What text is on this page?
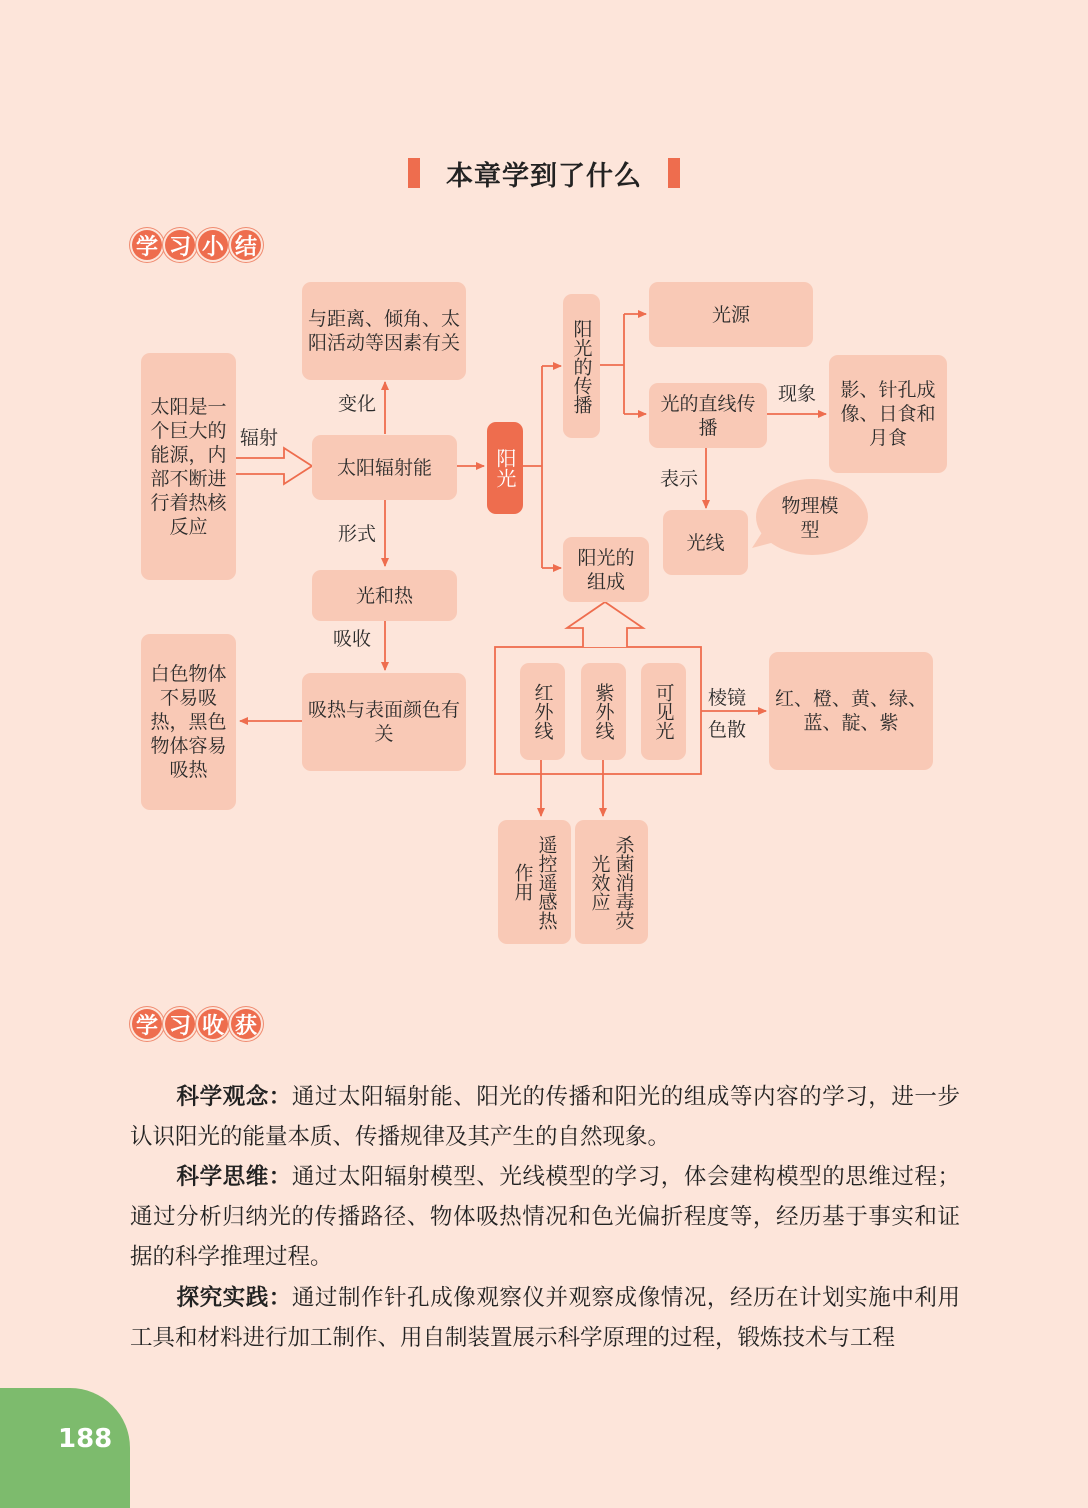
本章学到了什么
学 习 小 结
太阳是一个巨大的能源，内部不断进行着热核反应
辐射
与距离、倾角、太阳活动等因素有关
变化
太阳辐射能
形式
光和热
吸收
吸热与表面颜色有关
白色物体不易吸热，黑色物体容易吸热
阳光
阳光的传播
光源
光的直线传播
现象	影、针孔成像、日食和月食
表示
光线
物理模型
阳光的组成
红外线	紫外线	可见光	棱镜色散
红、橙、黄、绿、蓝、靛、紫
遥控遥感热作用	杀菌消毒荧光效应
学 习 收 获
科学观念：通过太阳辐射能、阳光的传播和阳光的组成等内容的学习，进一步认识阳光的能量本质、传播规律及其产生的自然现象。
科学思维：通过太阳辐射模型、光线模型的学习，体会建构模型的思维过程；通过分析归纳光的传播路径、物体吸热情况和色光偏折程度等，经历基于事实和证据的科学推理过程。
探究实践：通过制作针孔成像观察仪并观察成像情况，经历在计划实施中利用工具和材料进行加工制作、用自制装置展示科学原理的过程，锻炼技术与工程
188
